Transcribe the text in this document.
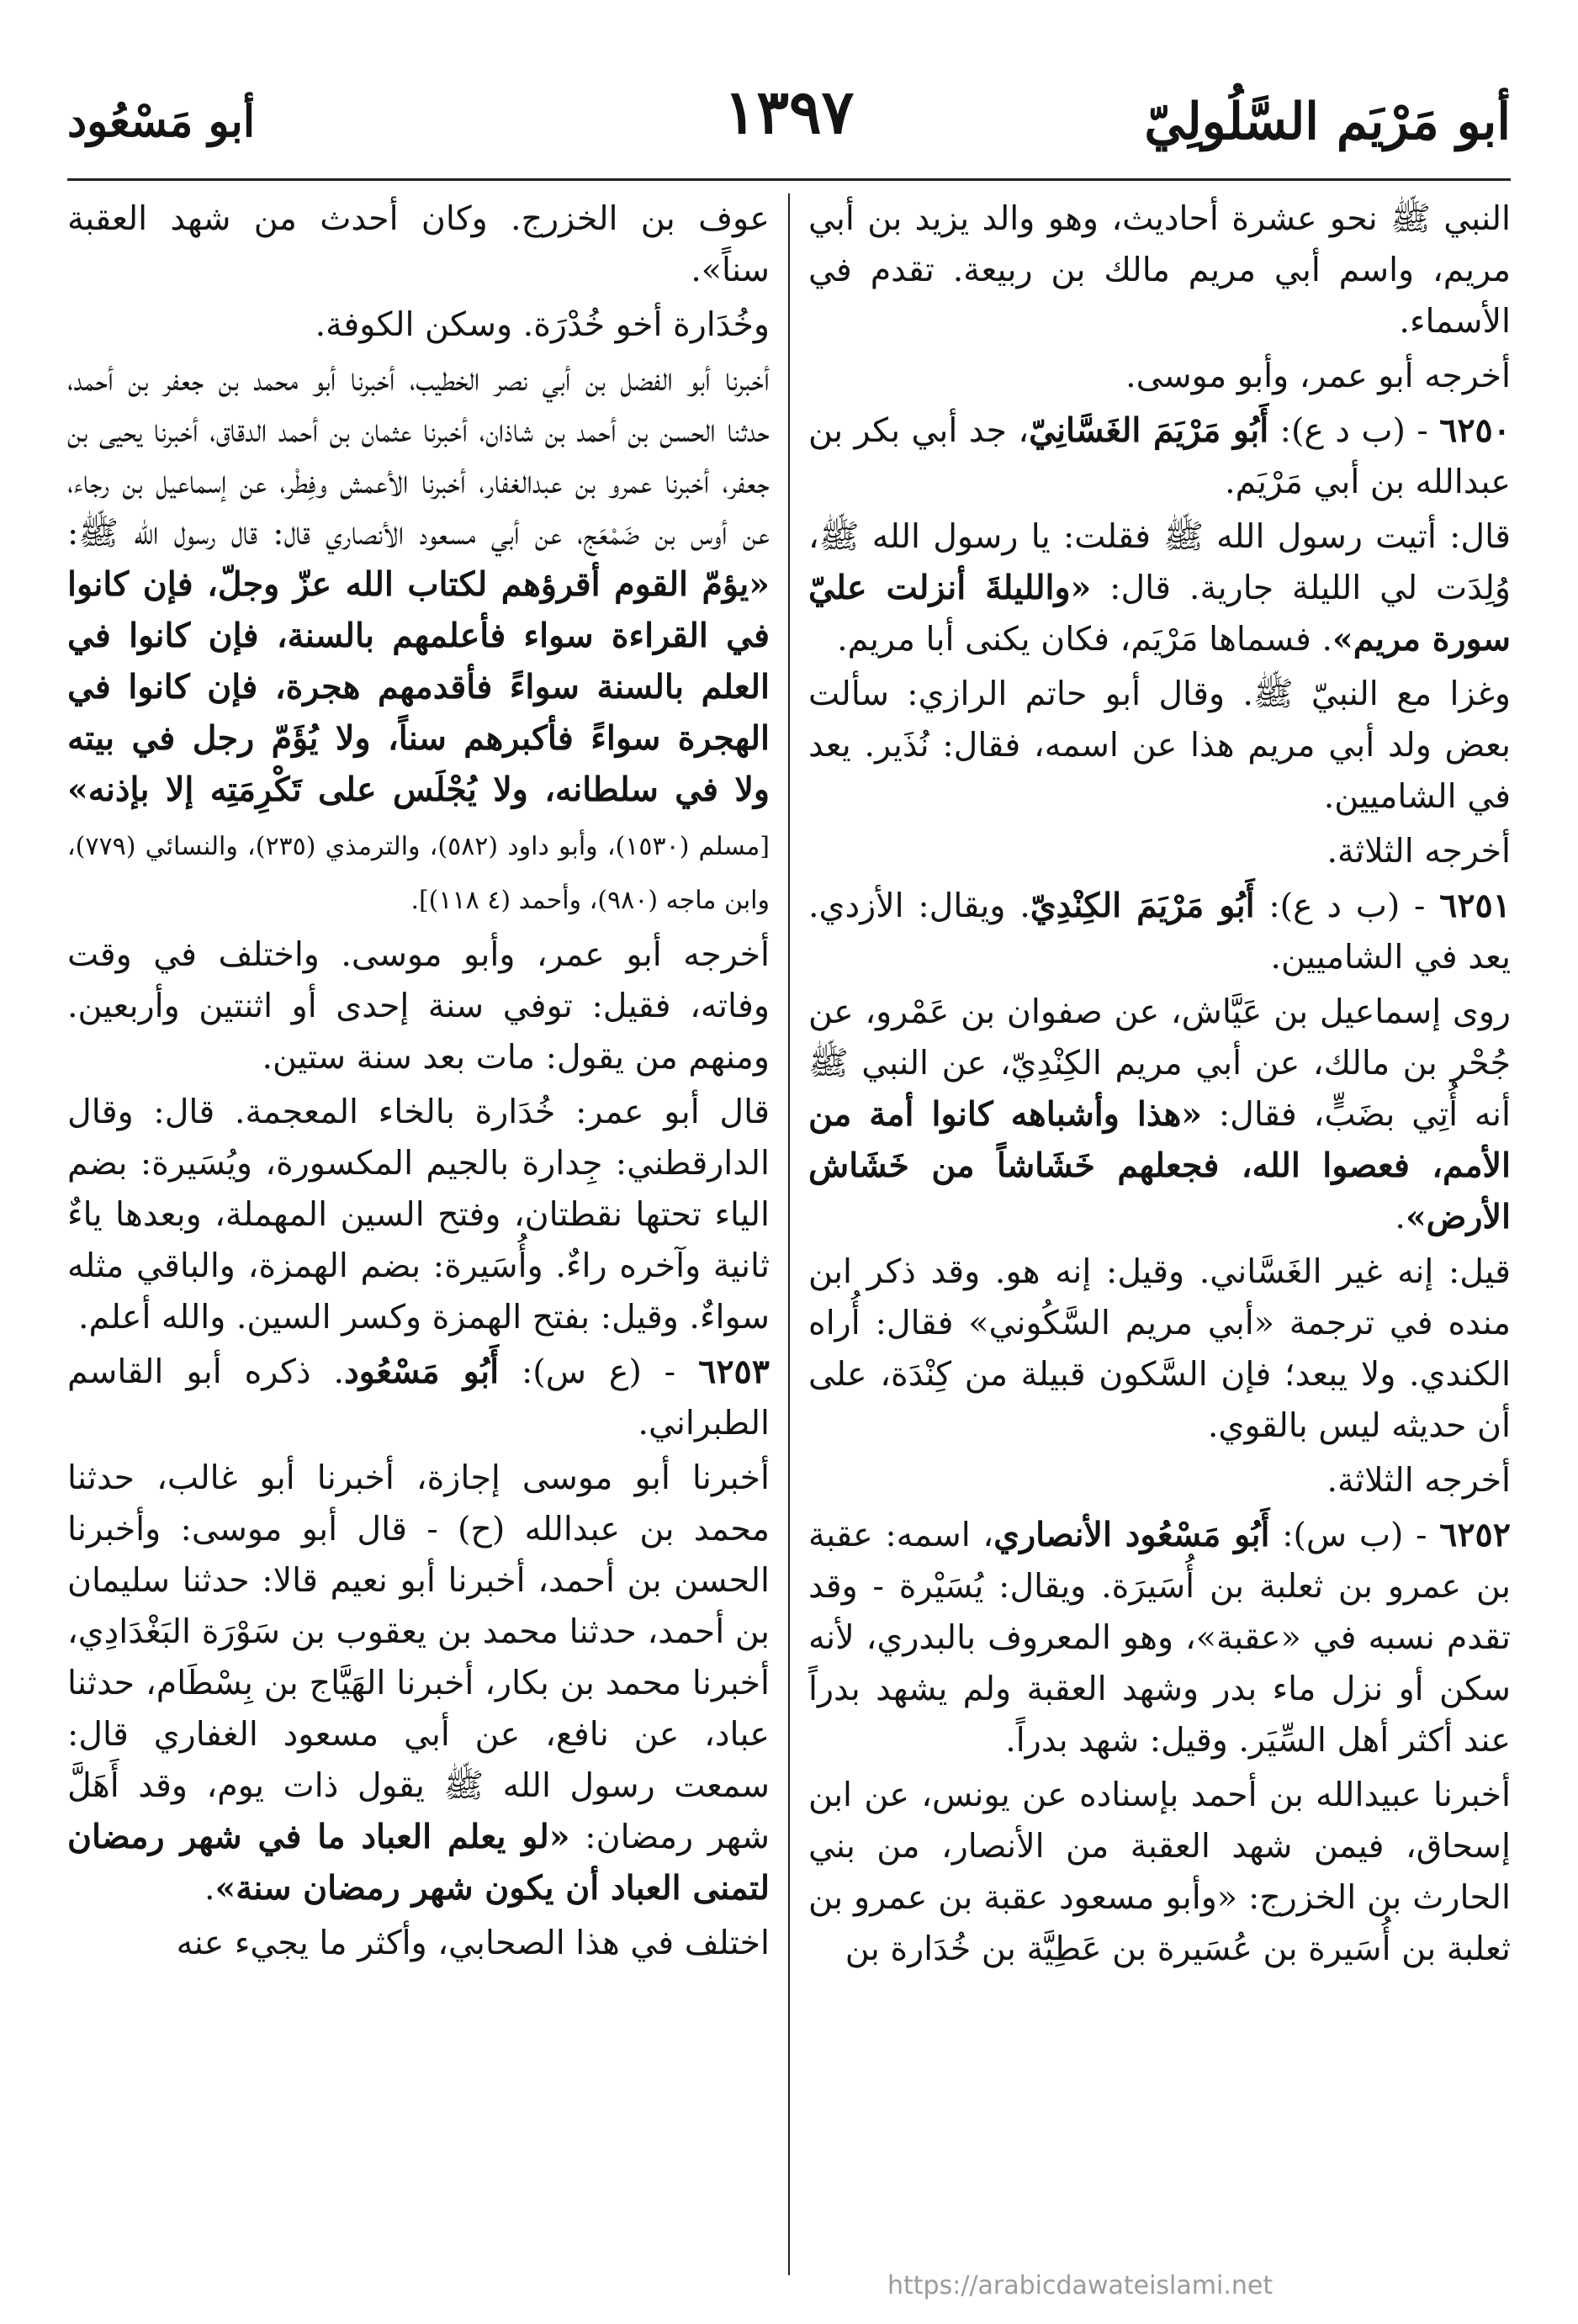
أبو مَرْيَم السَّلُولِيّ
١٣٩٧
أبو مَسْعُود

النبي ﷺ نحو عشرة أحاديث، وهو والد يزيد بن أبي مريم، واسم أبي مريم مالك بن ربيعة. تقدم في الأسماء.

أخرجه أبو عمر، وأبو موسى.

٦٢٥٠ - (ب د ع): أَبُو مَرْيَمَ الغَسَّانِيّ، جد أبي بكر بن عبدالله بن أبي مَرْيَم.

قال: أتيت رسول الله ﷺ فقلت: يا رسول الله ﷺ، وُلِدَت لي الليلة جارية. قال: «والليلةَ أنزلت عليّ سورة مريم». فسماها مَرْيَم، فكان يكنى أبا مريم.

وغزا مع النبيّ ﷺ. وقال أبو حاتم الرازي: سألت بعض ولد أبي مريم هذا عن اسمه، فقال: نُذَير. يعد في الشاميين.

أخرجه الثلاثة.

٦٢٥١ - (ب د ع): أَبُو مَرْيَمَ الكِنْدِيّ. ويقال: الأزدي. يعد في الشاميين.

روى إسماعيل بن عَيَّاش، عن صفوان بن عَمْرو، عن جُحْر بن مالك، عن أبي مريم الكِنْدِيّ، عن النبي ﷺ أنه أُتِي بضَبٍّ، فقال: «هذا وأشباهه كانوا أمة من الأمم، فعصوا الله، فجعلهم خَشَاشاً من خَشَاش الأرض».

قيل: إنه غير الغَسَّاني. وقيل: إنه هو. وقد ذكر ابن منده في ترجمة «أبي مريم السَّكُوني» فقال: أُراه الكندي. ولا يبعد؛ فإن السَّكون قبيلة من كِنْدَة، على أن حديثه ليس بالقوي.

أخرجه الثلاثة.

٦٢٥٢ - (ب س): أَبُو مَسْعُود الأنصاري، اسمه: عقبة بن عمرو بن ثعلبة بن أُسَيرَة. ويقال: يُسَيْرة - وقد تقدم نسبه في «عقبة»، وهو المعروف بالبدري، لأنه سكن أو نزل ماء بدر وشهد العقبة ولم يشهد بدراً عند أكثر أهل السِّيَر. وقيل: شهد بدراً.

أخبرنا عبيدالله بن أحمد بإسناده عن يونس، عن ابن إسحاق، فيمن شهد العقبة من الأنصار، من بني الحارث بن الخزرج: «وأبو مسعود عقبة بن عمرو بن ثعلبة بن أُسَيرة بن عُسَيرة بن عَطِيَّة بن خُدَارة بن

عوف بن الخزرج. وكان أحدث من شهد العقبة سناً».

وخُدَارة أخو خُدْرَة. وسكن الكوفة.

أخبرنا أبو الفضل بن أبي نصر الخطيب، أخبرنا أبو محمد بن جعفر بن أحمد، حدثنا الحسن بن أحمد بن شاذان، أخبرنا عثمان بن أحمد الدقاق، أخبرنا يحيى بن جعفر، أخبرنا عمرو بن عبدالغفار، أخبرنا الأعمش وفِطْر، عن إسماعيل بن رجاء، عن أوس بن ضَمْعَج، عن أبي مسعود الأنصاري قال: قال رسول الله ﷺ: «يؤمّ القوم أقرؤهم لكتاب الله عزّ وجلّ، فإن كانوا في القراءة سواء فأعلمهم بالسنة، فإن كانوا في العلم بالسنة سواءً فأقدمهم هجرة، فإن كانوا في الهجرة سواءً فأكبرهم سناً، ولا يُؤَمّ رجل في بيته ولا في سلطانه، ولا يُجْلَس على تَكْرِمَتِه إلا بإذنه» [مسلم (١٥٣٠)، وأبو داود (٥٨٢)، والترمذي (٢٣٥)، والنسائي (٧٧٩)، وابن ماجه (٩٨٠)، وأحمد (٤ ١١٨)].

أخرجه أبو عمر، وأبو موسى. واختلف في وقت وفاته، فقيل: توفي سنة إحدى أو اثنتين وأربعين. ومنهم من يقول: مات بعد سنة ستين.

قال أبو عمر: خُدَارة بالخاء المعجمة. قال: وقال الدارقطني: جِدارة بالجيم المكسورة، ويُسَيرة: بضم الياء تحتها نقطتان، وفتح السين المهملة، وبعدها ياءٌ ثانية وآخره راءٌ. وأُسَيرة: بضم الهمزة، والباقي مثله سواءٌ. وقيل: بفتح الهمزة وكسر السين. والله أعلم.

٦٢٥٣ - (ع س): أَبُو مَسْعُود. ذكره أبو القاسم الطبراني.

أخبرنا أبو موسى إجازة، أخبرنا أبو غالب، حدثنا محمد بن عبدالله (ح) - قال أبو موسى: وأخبرنا الحسن بن أحمد، أخبرنا أبو نعيم قالا: حدثنا سليمان بن أحمد، حدثنا محمد بن يعقوب بن سَوْرَة البَغْدَادِي، أخبرنا محمد بن بكار، أخبرنا الهَيَّاج بن بِسْطَام، حدثنا عباد، عن نافع، عن أبي مسعود الغفاري قال: سمعت رسول الله ﷺ يقول ذات يوم، وقد أَهَلَّ شهر رمضان: «لو يعلم العباد ما في شهر رمضان لتمنى العباد أن يكون شهر رمضان سنة».

اختلف في هذا الصحابي، وأكثر ما يجيء عنه

https://arabicdawateislami.net
